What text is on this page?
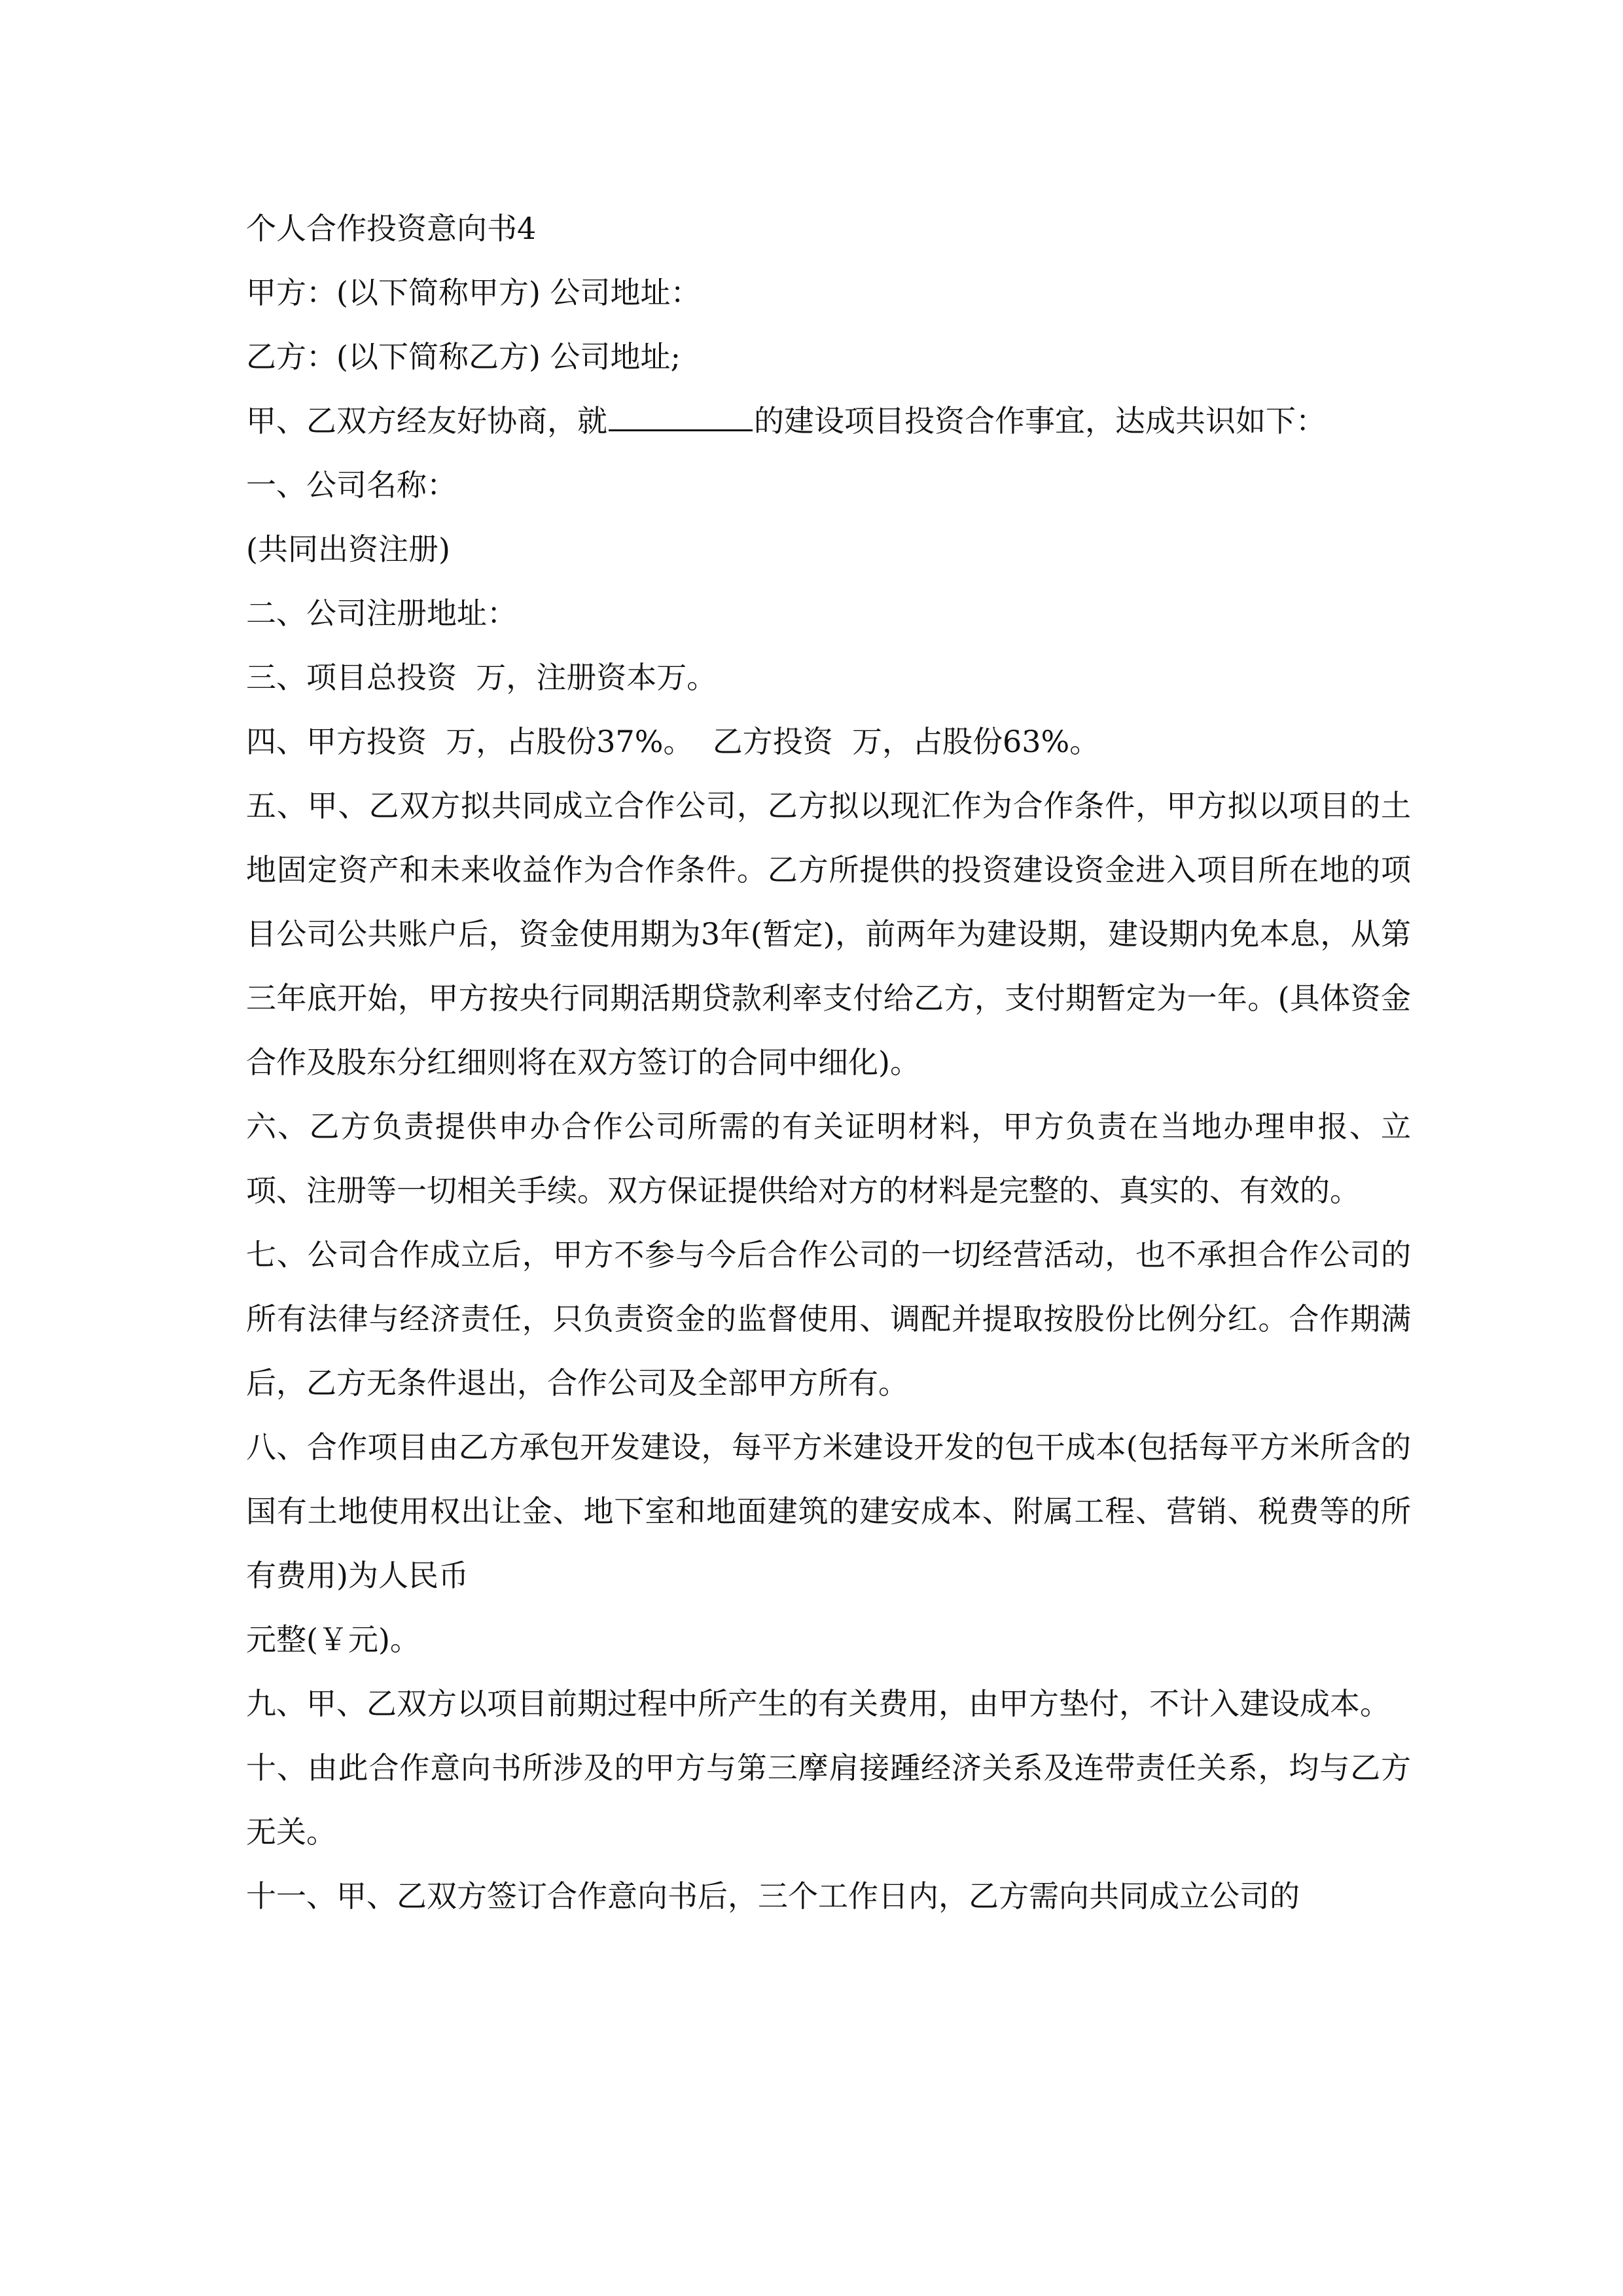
个人合作投资意向书4

甲方：(以下简称甲方) 公司地址：

乙方：(以下简称乙方) 公司地址;

甲、乙双方经友好协商，就	的建设项目投资合作事宜，达成共识如下：

一、公司名称：

(共同出资注册)

二、公司注册地址：

三、项目总投资  万，注册资本万。

四、甲方投资  万，占股份37%。  乙方投资  万，占股份63%。

五、甲、乙双方拟共同成立合作公司，乙方拟以现汇作为合作条件，甲方拟以项目的土地固定资产和未来收益作为合作条件。乙方所提供的投资建设资金进入项目所在地的项目公司公共账户后，资金使用期为3年(暂定)，前两年为建设期，建设期内免本息，从第三年底开始，甲方按央行同期活期贷款利率支付给乙方，支付期暂定为一年。(具体资金合作及股东分红细则将在双方签订的合同中细化)。

六、乙方负责提供申办合作公司所需的有关证明材料，甲方负责在当地办理申报、立项、注册等一切相关手续。双方保证提供给对方的材料是完整的、真实的、有效的。

七、公司合作成立后，甲方不参与今后合作公司的一切经营活动，也不承担合作公司的所有法律与经济责任，只负责资金的监督使用、调配并提取按股份比例分红。合作期满后，乙方无条件退出，合作公司及全部甲方所有。

八、合作项目由乙方承包开发建设，每平方米建设开发的包干成本(包括每平方米所含的国有土地使用权出让金、地下室和地面建筑的建安成本、附属工程、营销、税费等的所有费用)为人民币

元整(￥元)。

九、甲、乙双方以项目前期过程中所产生的有关费用，由甲方垫付，不计入建设成本。

十、由此合作意向书所涉及的甲方与第三摩肩接踵经济关系及连带责任关系，均与乙方无关。

十一、甲、乙双方签订合作意向书后，三个工作日内，乙方需向共同成立公司的
